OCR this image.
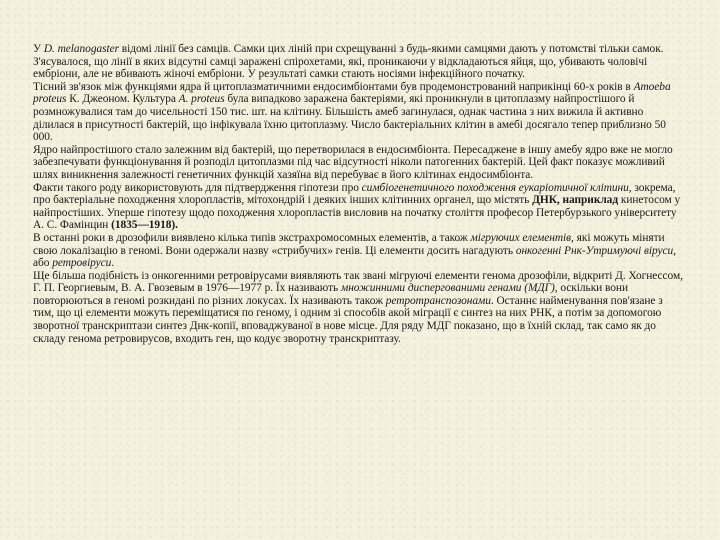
У D. melanogaster відомі лінії без самців. Самки цих ліній при схрещуванні з будь-якими самцями дають у потомстві тільки самок. З'ясувалося, що лінії в яких відсутні самці заражені спірохетами, які, проникаючи у відкладаються яйця, що, убивають чоловічі ембріони, але не вбивають жіночі ембріони. У результаті самки стають носіями інфекційного початку.

Тісний зв'язок між функціями ядра й цитоплазматичними ендосимбіонтами був продемонстрований наприкінці 60-х років в Amoeba proteus К. Джеоном. Культура A. proteus була випадково заражена бактеріями, які проникнули в цитоплазму найпростішого й розмножувалися там до чисельності 150 тис. шт. на клітину. Більшість амеб загинулася, однак частина з них вижила й активно ділилася в присутності бактерій, що інфікувала їхню цитоплазму. Число бактеріальних клітин в амебі досягало тепер приблизно 50 000.

Ядро найпростішого стало залежним від бактерій, що перетворилася в ендосимбіонта. Пересаджене в іншу амебу ядро вже не могло забезпечувати функціонування й розподіл цитоплазми під час відсутності ніколи патогенних бактерій. Цей факт показує можливий шлях виникнення залежності генетичних функцій хазяїна від перебуває в його клітинах ендосимбіонта.

Факти такого роду використовують для підтвердження гіпотези про симбіогенетичного походження еукаріотичної клітини, зокрема, про бактеріальне походження хлоропластів, мітохондрій і деяких інших клітинних органел, що містять ДНК, наприклад кинетосом у найпростіших. Уперше гіпотезу щодо походження хлоропластів висловив на початку століття професор Петербурзького університету А. С. Фамінцин (1835—1918).

В останні роки в дрозофили виявлено кілька типів экстрахромосомных елементів, а також мігруючих елементів, які можуть міняти свою локалізацію в геномі. Вони одержали назву «стрибучих» генів. Ці елементи досить нагадують онкогенні Рнк-Утримуючі віруси, або ретровіруси.

Ще більша подібність із онкогенними ретровірусами виявляють так звані мігруючі елементи генома дрозофіли, відкриті Д. Хогнессом, Г. П. Георгиевым, В. А. Гвозевым в 1976—1977 р. Їх називають множинними диспергованими генами (МДГ), оскільки вони повторюються в геномі розкидані по різних локусах. Їх називають також ретротранспозонами. Останнє найменування пов'язане з тим, що ці елементи можуть переміщатися по геному, і одним зі способів акой міграції є синтез на них РНК, а потім за допомогою зворотної транскриптази синтез Днк-копії, вповаджуваної в нове місце. Для ряду МДГ показано, що в їхній склад, так само як до складу генома ретровирусов, входить ген, що кодує зворотну транскриптазу.
